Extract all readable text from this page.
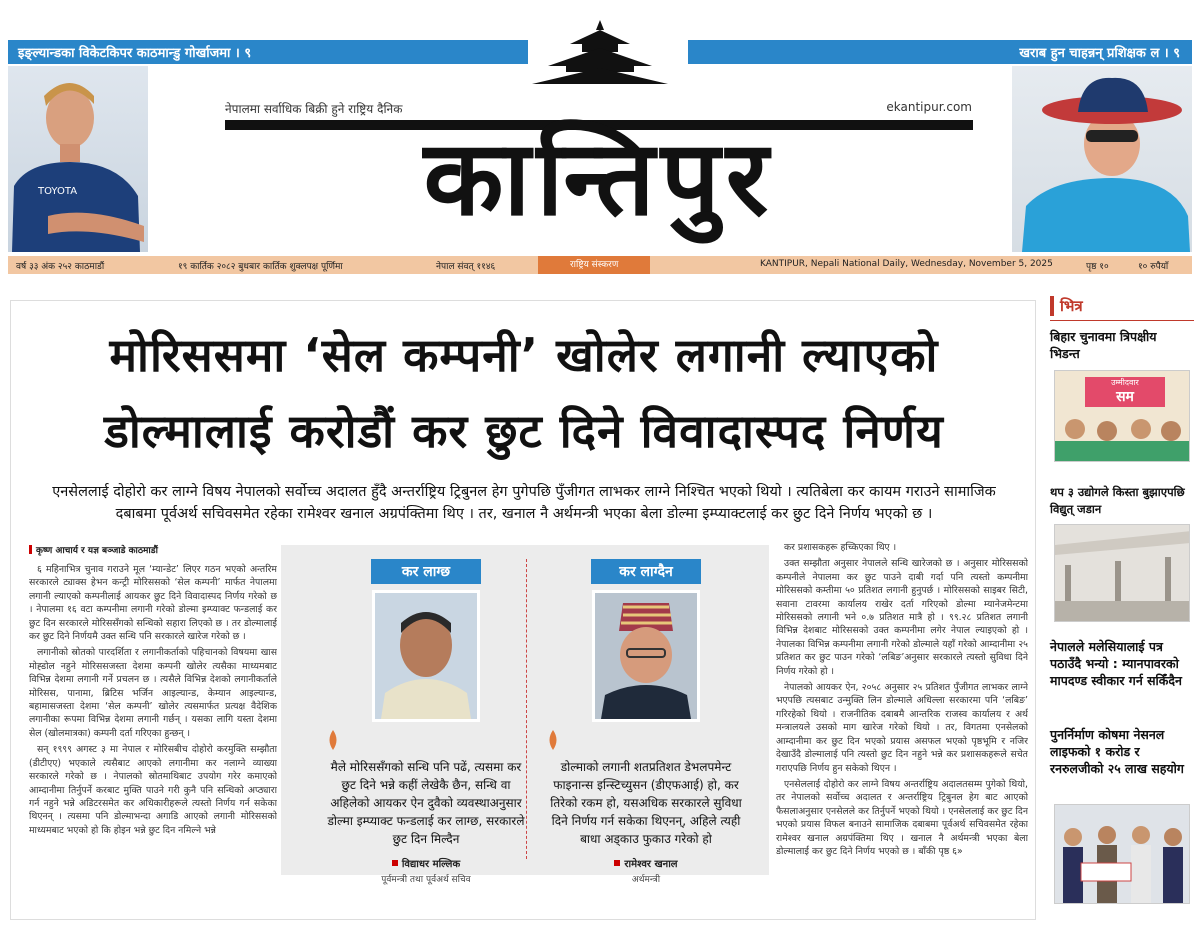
इङ्ल्यान्डका विकेटकिपर काठमान्डु गोर्खाजमा । ९	खराब हुन चाहन्नन् प्रशिक्षक ल । ९
TOYOTA
नेपालमा सर्वाधिक बिक्री हुने राष्ट्रिय दैनिक	ekantipur.com
कान्तिपुर
वर्ष ३३ अंक २५२ काठमाडौं	१९ कार्तिक २०८२ बुधबार कार्तिक शुक्लपक्ष पूर्णिमा	नेपाल संवत् ११४६	राष्ट्रिय संस्करण	KANTIPUR, Nepali National Daily, Wednesday, November 5, 2025	पृष्ठ १०	१० रुपैयाँ
मोरिससमा ‘सेल कम्पनी’ खोलेर लगानी ल्याएको
डोल्मालाई करोडौं कर छुट दिने विवादास्पद निर्णय
एनसेललाई दोहोरो कर लाग्ने विषय नेपालको सर्वोच्च अदालत हुँदै अन्तर्राष्ट्रिय ट्रिबुनल हेग पुगेपछि पुँजीगत लाभकर लाग्ने निश्चित भएको थियो । त्यतिबेला कर कायम गराउने सामाजिक दबाबमा पूर्वअर्थ सचिवसमेत रहेका रामेश्वर खनाल अग्रपंक्तिमा थिए । तर, खनाल नै अर्थमन्त्री भएका बेला डोल्मा इम्प्याक्टलाई कर छुट दिने निर्णय भएको छ ।
कृष्ण आचार्य र यज्ञ बञ्जाडे काठमाडौं

६ महिनाभित्र चुनाव गराउने मूल ‘म्यान्डेट’ लिएर गठन भएको अन्तरिम सरकारले ट्याक्स हेभन कन्ट्री मोरिससको ‘सेल कम्पनी’ मार्फत नेपालमा लगानी ल्याएको कम्पनीलाई आयकर छुट दिने विवादास्पद निर्णय गरेको छ । नेपालमा १६ वटा कम्पनीमा लगानी गरेको डोल्मा इम्प्याक्ट फन्डलाई कर छुट दिन सरकारले मोरिससँगको सन्धिको सहारा लिएको छ । तर डोल्मालाई कर छुट दिने निर्णयमै उक्त सन्धि पनि सरकारले खारेज गरेको छ ।

लगानीको स्रोतको पारदर्शिता र लगानीकर्ताको पहिचानको विषयमा खास मोह्डोल नहुने मोरिससजस्ता देशमा कम्पनी खोलेर त्यसैका माध्यमबाट विभिन्न देशमा लगानी गर्ने प्रचलन छ । त्यसैले विभिन्न देशको लगानीकर्ताले मोरिसस, पानामा, ब्रिटिस भर्जिन आइल्यान्ड, केम्यान आइल्यान्ड, बहामासजस्ता देशमा ‘सेल कम्पनी’ खोलेर त्यसमार्फत प्रत्यक्ष वैदेशिक लगानीका रूपमा विभिन्न देशमा लगानी गर्छन् । यसका लागि यस्ता देशमा सेल (खोलमात्रका) कम्पनी दर्ता गरिएका हुन्छन् ।

सन् १९९९ अगस्ट ३ मा नेपाल र मोरिसबीच दोहोरो करमुक्ति सम्झौता (डीटीएए) भएकाले त्यसैबाट आएको लगानीमा कर नलाग्ने व्याख्या सरकारले गरेको छ । नेपालको स्रोतमाथिबाट उपयोग गरेर कमाएको आम्दानीमा तिर्नुपर्ने करबाट मुक्ति पाउने गरी कुनै पनि सन्धिको अप्ठ्यारा गर्न नहुने भन्ने अडिटरसमेत कर अधिकारीहरूले त्यस्तो निर्णय गर्न सकेका थिएनन् । त्यसमा पनि डोल्माभन्दा अगाडि आएको लगानी मोरिससको माध्यमबाट भएको हो कि होइन भन्ने छुट दिन नमिल्ने भन्ने

कर लाग्छ
मैले मोरिससँगको सन्धि पनि पढें, त्यसमा कर छुट दिने भन्ने कहीं लेखेकै छैन, सन्धि वा अहिलेको आयकर ऐन दुवैको व्यवस्थाअनुसार डोल्मा इम्प्याक्ट फन्डलाई कर लाग्छ, सरकारले छुट दिन मिल्दैन
विद्याधर मल्लिक
पूर्वमन्त्री तथा पूर्वअर्थ सचिव
कर लाग्दैन
डोल्माको लगानी शतप्रतिशत डेभलपमेन्ट फाइनान्स इन्स्टिच्युसन (डीएफआई) हो, कर तिरेको रकम हो, यसअधिक सरकारले सुविधा दिने निर्णय गर्न सकेका थिएनन्, अहिले त्यही बाधा अड्काउ फुकाउ गरेको हो
रामेश्वर खनाल
अर्थमन्त्री

कर प्रशासकहरू हच्किएका थिए ।

उक्त सम्झौता अनुसार नेपालले सन्धि खारेजको छ । अनुसार मोरिससको कम्पनीले नेपालमा कर छुट पाउने दाबी गर्दा पनि त्यस्तो कम्पनीमा मोरिससको कम्तीमा ५० प्रतिशत लगानी हुनुपर्छ । मोरिससको साइबर सिटी, सवाना टावरमा कार्यालय राखेर दर्ता गरिएको डोल्मा म्यानेजमेन्टमा मोरिससको लगानी भने ०.७ प्रतिशत मात्रै हो । ९९.२८ प्रतिशत लगानी विभिन्न देशबाट मोरिससको उक्त कम्पनीमा लगेर नेपाल ल्याइएको हो । नेपालका विभिन्न कम्पनीमा लगानी गरेको डोल्माले यहाँ गरेको आम्दानीमा २५ प्रतिशत कर छुट पाउन गरेको ‘लबिङ’अनुसार सरकारले त्यस्तो सुविधा दिने निर्णय गरेको हो ।

नेपालको आयकर ऐन, २०५८ अनुसार २५ प्रतिशत पुँजीगत लाभकर लाग्ने भएपछि त्यसबाट उन्मुक्ति लिन डोल्माले अधिल्ला सरकारमा पनि ‘लबिङ’ गरिरहेको थियो । राजनीतिक दबाबमै आन्तरिक राजस्व कार्यालय र अर्थ मन्त्रालयले उसको माग खारेज गरेको थियो । तर, विगतमा एनसेलको आम्दानीमा कर छुट दिन भएको प्रयास असफल भएको पृष्ठभूमि र नजिर देखाउँदै डोल्मालाई पनि त्यस्तो छुट दिन नहुने भन्ने कर प्रशासकहरूले सचेत गराएपछि निर्णय हुन सकेको थिएन ।

एनसेललाई दोहोरो कर लाग्ने विषय अन्तर्राष्ट्रिय अदालतसम्म पुगेको थियो, तर नेपालको सर्वोच्च अदालत र अन्तर्राष्ट्रिय ट्रिबुनल हेग बाट आएको फैसलाअनुसार एनसेलले कर तिर्नुपर्ने भएको थियो । एनसेललाई कर छुट दिन भएको प्रयास विफल बनाउने सामाजिक दबाबमा पूर्वअर्थ सचिवसमेत रहेका रामेश्वर खनाल अग्रपंक्तिमा थिए । खनाल नै अर्थमन्त्री भएका बेला डोल्मालाई कर छुट दिने निर्णय भएको छ । बाँकी पृष्ठ ६»

भित्र
बिहार चुनावमा त्रिपक्षीय भिडन्त
उम्मीदवार
सम
थप ३ उद्योगले किस्ता बुझाएपछि विद्युत् जडान
नेपालले मलेसियालाई पत्र पठाउँदै भन्यो : म्यानपावरको मापदण्ड स्वीकार गर्न सकिँदैन
पुनर्निर्माण कोषमा नेसनल लाइफको १ करोड र रनरुलजीको २५ लाख सहयोग
